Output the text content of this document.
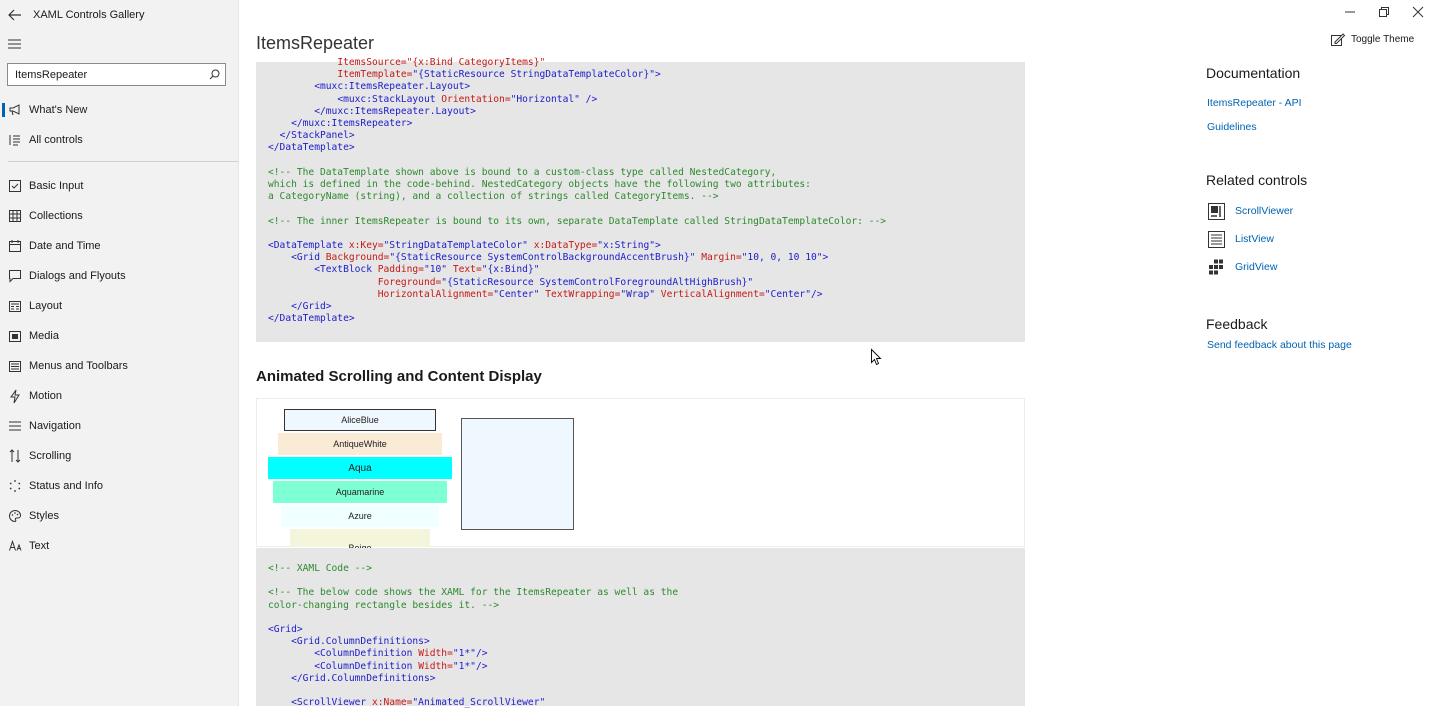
XAML Controls Gallery
ItemsRepeater
What's New
All controls
Basic Input
Collections
Date and Time
Dialogs and Flyouts
Layout
Media
Menus and Toolbars
Motion
Navigation
Scrolling
Status and Info
Styles
Text
ItemsRepeater
ItemsSource="{x:Bind CategoryItems}"
ItemTemplate="{StaticResource StringDataTemplateColor}">
<muxc:ItemsRepeater.Layout>
<muxc:StackLayout Orientation="Horizontal" />
</muxc:ItemsRepeater.Layout>
</muxc:ItemsRepeater>
</StackPanel>
</DataTemplate>

<!-- The DataTemplate shown above is bound to a custom-class type called NestedCategory,
which is defined in the code-behind. NestedCategory objects have the following two attributes:
a CategoryName (string), and a collection of strings called CategoryItems. -->

<!-- The inner ItemsRepeater is bound to its own, separate DataTemplate called StringDataTemplateColor: -->

<DataTemplate x:Key="StringDataTemplateColor" x:DataType="x:String">
<Grid Background="{StaticResource SystemControlBackgroundAccentBrush}" Margin="10, 0, 10 10">
<TextBlock Padding="10" Text="{x:Bind}"
Foreground="{StaticResource SystemControlForegroundAltHighBrush}"
HorizontalAlignment="Center" TextWrapping="Wrap" VerticalAlignment="Center"/>
</Grid>
</DataTemplate>
Animated Scrolling and Content Display
AliceBlue
AntiqueWhite
Aqua
Aquamarine
Azure
<!-- XAML Code -->

<!-- The below code shows the XAML for the ItemsRepeater as well as the
color-changing rectangle besides it. -->

<Grid>
<Grid.ColumnDefinitions>
<ColumnDefinition Width="1*"/>
<ColumnDefinition Width="1*"/>
</Grid.ColumnDefinitions>

<ScrollViewer x:Name="Animated_ScrollViewer"
Toggle Theme
Documentation
ItemsRepeater - API
Guidelines
Related controls
ScrollViewer
ListView
GridView
Feedback
Send feedback about this page
